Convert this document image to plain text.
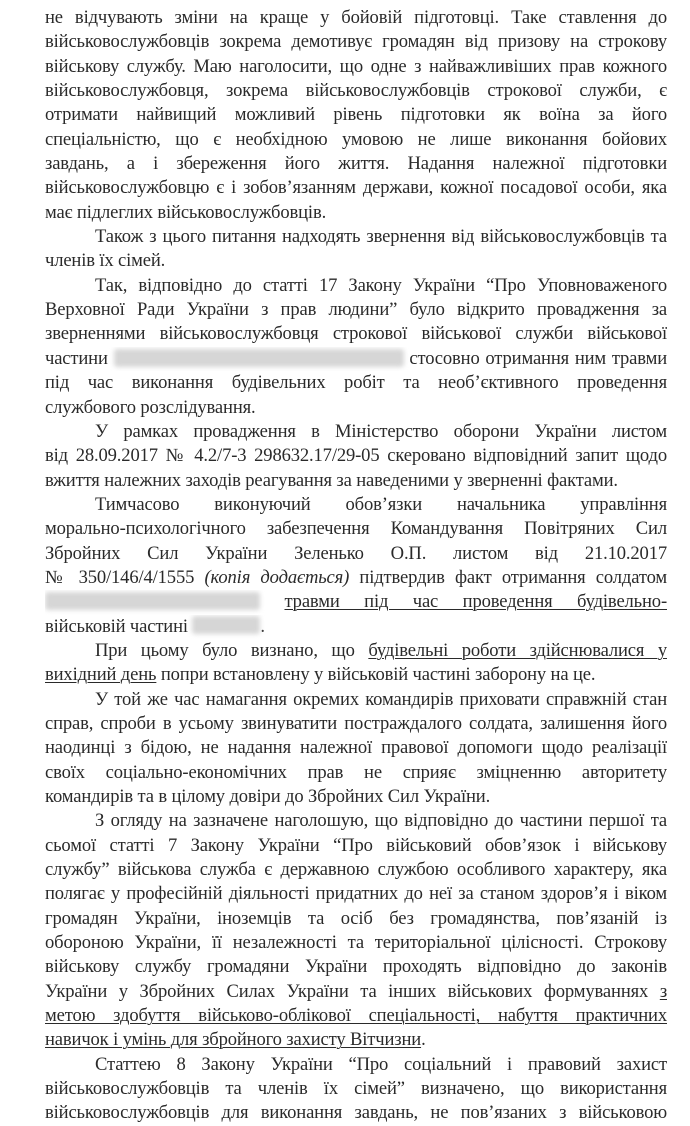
не відчувають зміни на краще у бойовій підготовці. Таке ставлення до
військовослужбовців зокрема демотивує громадян від призову на строкову
військову службу. Маю наголосити, що одне з найважливіших прав кожного
військовослужбовця, зокрема військовослужбовців строкової служби, є
отримати найвищий можливий рівень підготовки як воїна за його
спеціальністю, що є необхідною умовою не лише виконання бойових
завдань, а і збереження його життя. Надання належної підготовки
військовослужбовцю є і зобов’язанням держави, кожної посадової особи, яка
має підлеглих військовослужбовців.
Також з цього питання надходять звернення від військовослужбовців та
членів їх сімей.
Так, відповідно до статті 17 Закону України “Про Уповноваженого
Верховної Ради України з прав людини” було відкрито провадження за
зверненнями військовослужбовця строкової військової служби військової
частини	стосовно отримання ним травми
під час виконання будівельних робіт та необ’єктивного проведення
службового розслідування.
У рамках провадження в Міністерство оборони України листом
від 28.09.2017 № 4.2/7-3 298632.17/29-05 скеровано відповідний запит щодо
вжиття належних заходів реагування за наведеними у зверненні фактами.
Тимчасово виконуючий обов’язки начальника управління
морально-психологічного забезпечення Командування Повітряних Сил
Збройних Сил України Зеленько О.П. листом від 21.10.2017
№ 350/146/4/1555 (копія додається) підтвердив факт отримання солдатом
травми під час проведення будівельно-
військовій частині	.
При цьому було визнано, що будівельні роботи здійснювалися у
вихідний день попри встановлену у військовій частині заборону на це.
У той же час намагання окремих командирів приховати справжній стан
справ, спроби в усьому звинуватити постраждалого солдата, залишення його
наодинці з бідою, не надання належної правової допомоги щодо реалізації
своїх соціально-економічних прав не сприяє зміцненню авторитету
командирів та в цілому довіри до Збройних Сил України.
З огляду на зазначене наголошую, що відповідно до частини першої та
сьомої статті 7 Закону України “Про військовий обов’язок і військову
службу” військова служба є державною службою особливого характеру, яка
полягає у професійній діяльності придатних до неї за станом здоров’я і віком
громадян України, іноземців та осіб без громадянства, пов’язаній із
обороною України, її незалежності та територіальної цілісності. Строкову
військову службу громадяни України проходять відповідно до законів
України у Збройних Силах України та інших військових формуваннях з
метою здобуття військово-облікової спеціальності, набуття практичних
навичок і умінь для збройного захисту Вітчизни.
Статтею 8 Закону України “Про соціальний і правовий захист
військовослужбовців та членів їх сімей” визначено, що використання
військовослужбовців для виконання завдань, не пов’язаних з військовою
